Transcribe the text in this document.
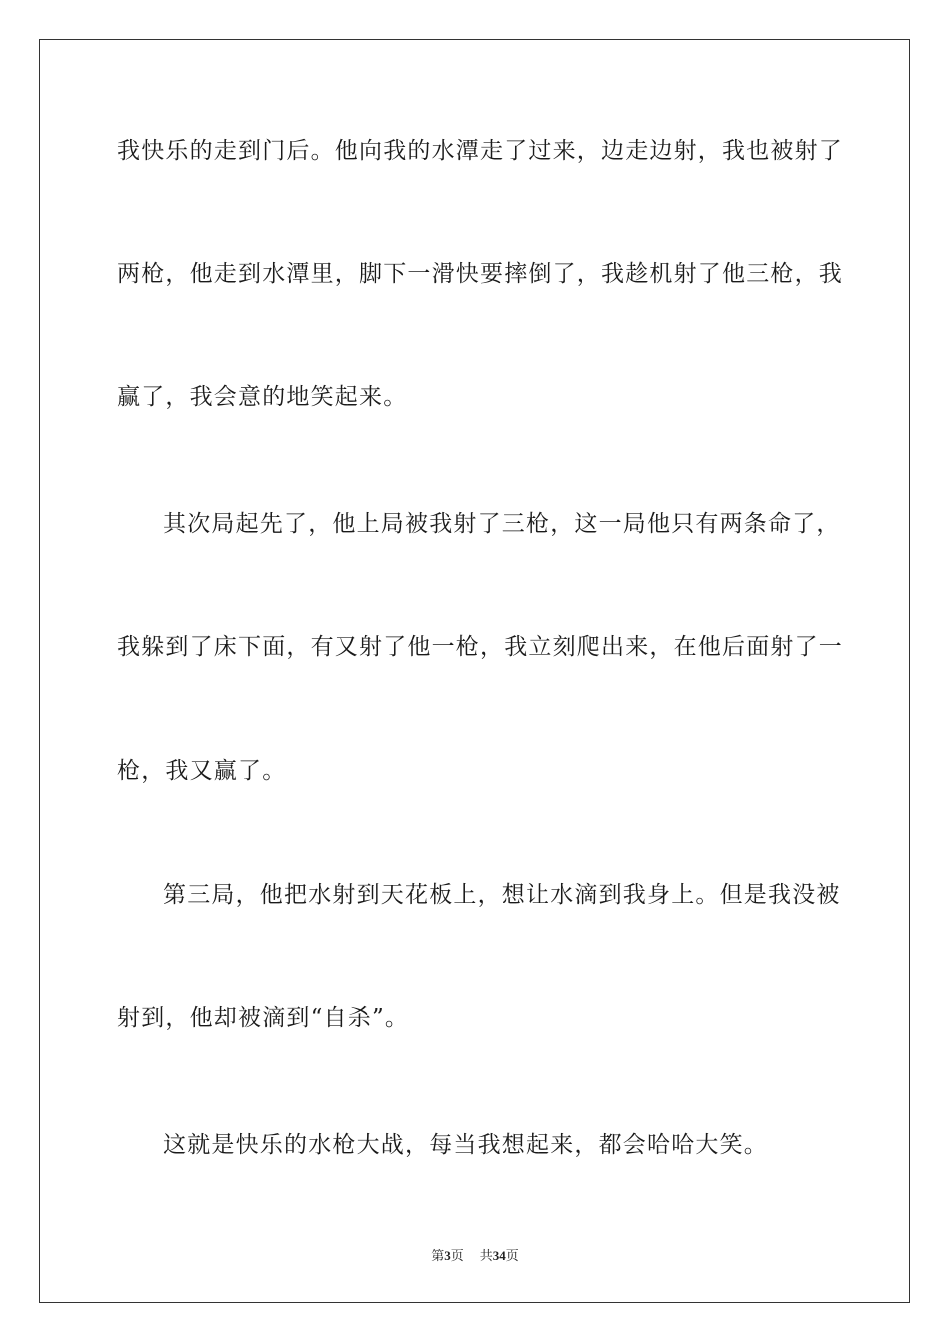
我快乐的走到门后。他向我的水潭走了过来，边走边射，我也被射了
两枪，他走到水潭里，脚下一滑快要摔倒了，我趁机射了他三枪，我
赢了，我会意的地笑起来。
其次局起先了，他上局被我射了三枪，这一局他只有两条命了，
我躲到了床下面，有又射了他一枪，我立刻爬出来，在他后面射了一
枪，我又赢了。
第三局，他把水射到天花板上，想让水滴到我身上。但是我没被
射到，他却被滴到“自杀”。
这就是快乐的水枪大战，每当我想起来，都会哈哈大笑。
第3页 共34页
